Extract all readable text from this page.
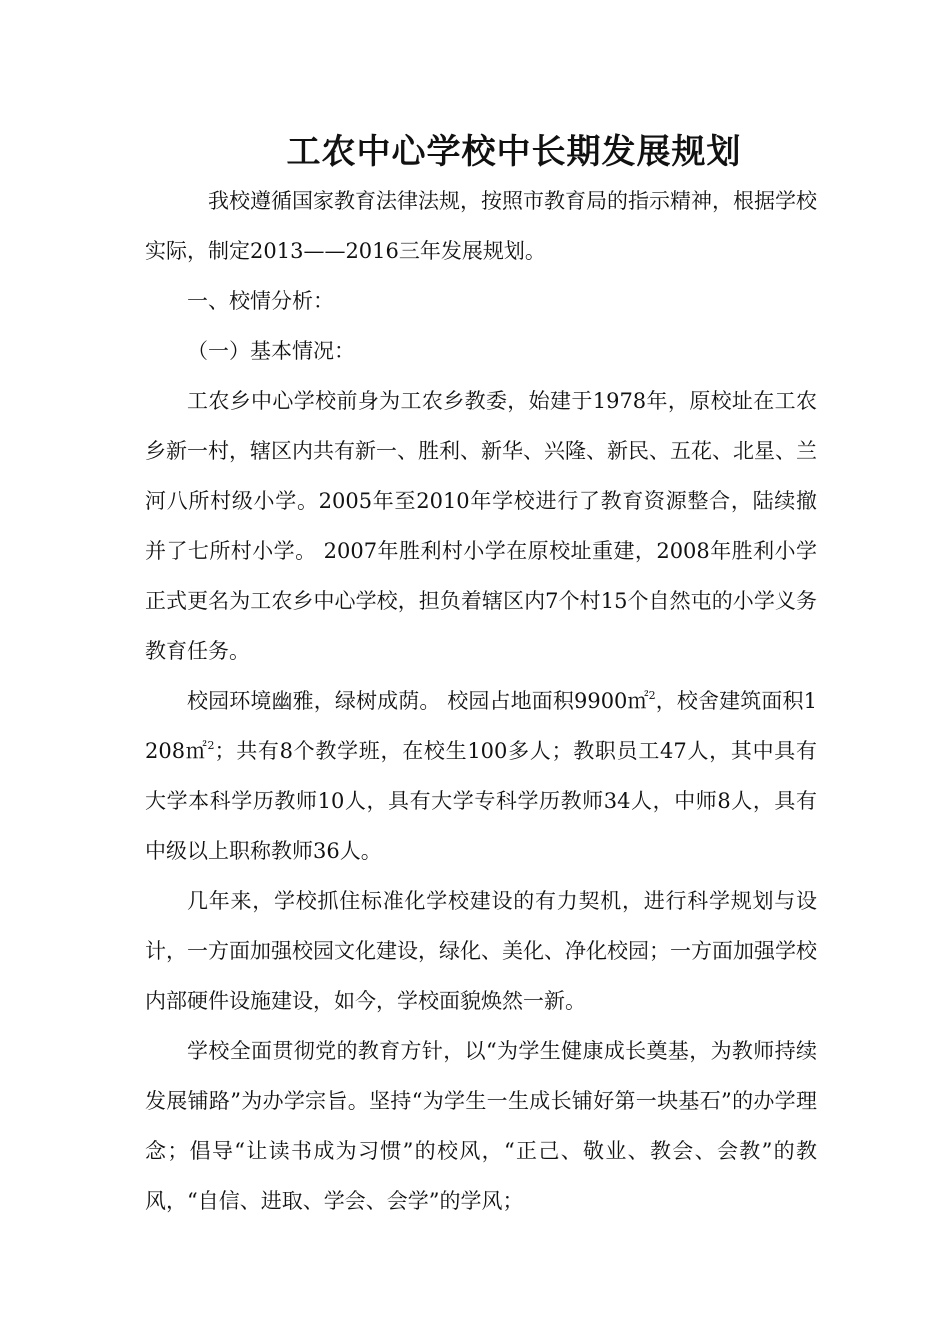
工农中心学校中长期发展规划

我校遵循国家教育法律法规，按照市教育局的指示精神，根据学校实际，制定2013——2016三年发展规划。

一、校情分析：

（一）基本情况：

工农乡中心学校前身为工农乡教委，始建于1978年，原校址在工农乡新一村，辖区内共有新一、胜利、新华、兴隆、新民、五花、北星、兰河八所村级小学。2005年至2010年学校进行了教育资源整合，陆续撤并了七所村小学。 2007年胜利村小学在原校址重建，2008年胜利小学正式更名为工农乡中心学校，担负着辖区内7个村15个自然屯的小学义务教育任务。

校园环境幽雅，绿树成荫。 校园占地面积9900㎡$^2$，校舍建筑面积1208㎡$^2$；共有8个教学班，在校生100多人；教职员工47人，其中具有大学本科学历教师10人，具有大学专科学历教师34人，中师8人，具有中级以上职称教师36人。

几年来，学校抓住标准化学校建设的有力契机，进行科学规划与设计，一方面加强校园文化建设，绿化、美化、净化校园；一方面加强学校内部硬件设施建设，如今，学校面貌焕然一新。

学校全面贯彻党的教育方针，以“为学生健康成长奠基，为教师持续发展铺路”为办学宗旨。坚持“为学生一生成长铺好第一块基石”的办学理念；倡导“让读书成为习惯”的校风，“正己、敬业、教会、会教”的教风，“自信、进取、学会、会学”的学风；
